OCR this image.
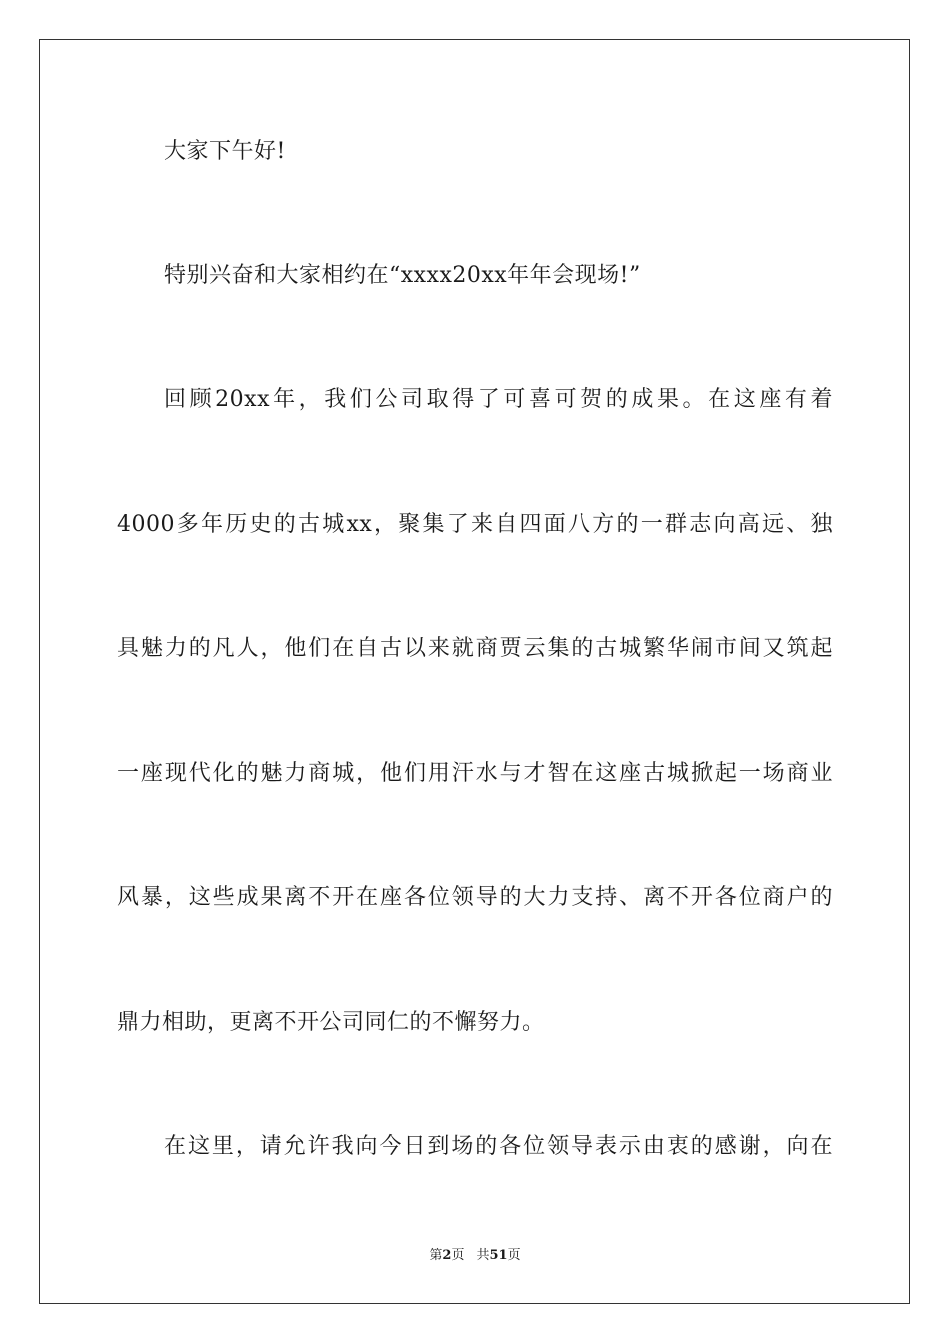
大家下午好!
特别兴奋和大家相约在“xxxx20xx年年会现场!”
回顾20xx年，我们公司取得了可喜可贺的成果。在这座有着
4000多年历史的古城xx，聚集了来自四面八方的一群志向高远、独
具魅力的凡人，他们在自古以来就商贾云集的古城繁华闹市间又筑起
一座现代化的魅力商城，他们用汗水与才智在这座古城掀起一场商业
风暴，这些成果离不开在座各位领导的大力支持、离不开各位商户的
鼎力相助，更离不开公司同仁的不懈努力。
在这里，请允许我向今日到场的各位领导表示由衷的感谢，向在
第2页 共51页
